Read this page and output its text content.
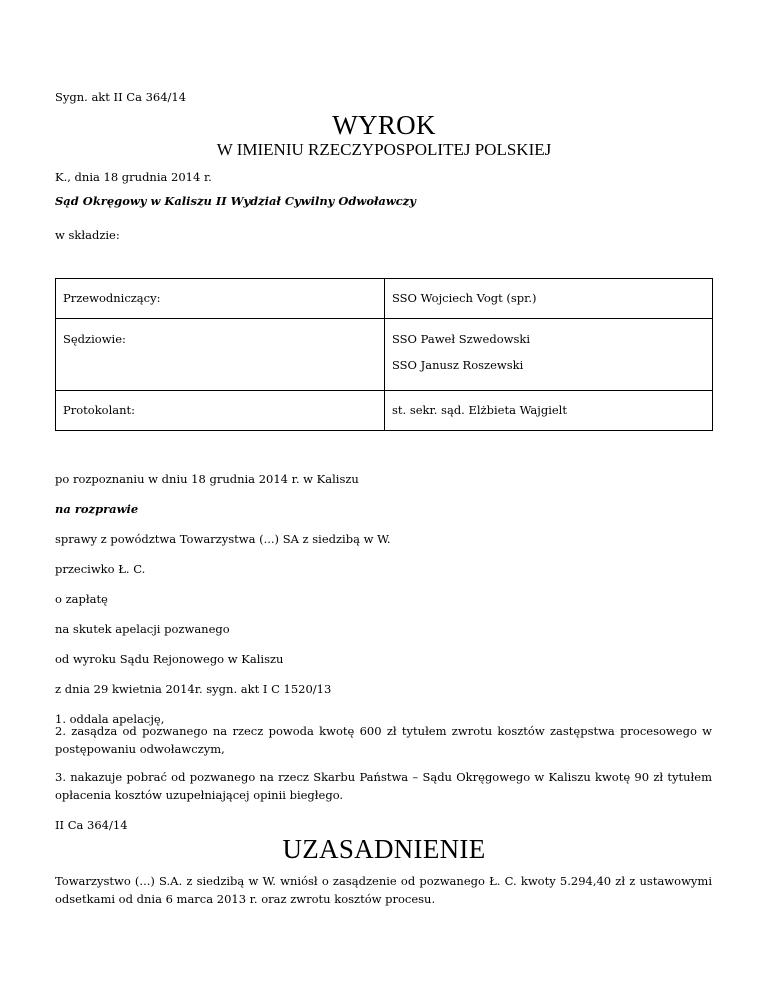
Sygn. akt II Ca 364/14
WYROK
W IMIENIU RZECZYPOSPOLITEJ POLSKIEJ
K., dnia 18 grudnia 2014 r.
Sąd Okręgowy w Kaliszu II Wydział Cywilny Odwoławczy
w składzie:
Przewodniczący:	SSO Wojciech Vogt (spr.)

Sędziowie:	SSO Paweł Szwedowski
SSO Janusz Roszewski

Protokolant:	st. sekr. sąd. Elżbieta Wajgielt
po rozpoznaniu w dniu 18 grudnia 2014 r. w Kaliszu
na rozprawie
sprawy z powództwa Towarzystwa (...) SA z siedzibą w W.
przeciwko Ł. C.
o zapłatę
na skutek apelacji pozwanego
od wyroku Sądu Rejonowego w Kaliszu
z dnia 29 kwietnia 2014r. sygn. akt I C 1520/13
1. oddala apelację,
2. zasądza od pozwanego na rzecz powoda kwotę 600 zł tytułem zwrotu kosztów zastępstwa procesowego w postępowaniu odwoławczym,
3. nakazuje pobrać od pozwanego na rzecz Skarbu Państwa – Sądu Okręgowego w Kaliszu kwotę 90 zł tytułem opłacenia kosztów uzupełniającej opinii biegłego.
II Ca 364/14
UZASADNIENIE
Towarzystwo (...) S.A. z siedzibą w W. wniósł o zasądzenie od pozwanego Ł. C. kwoty 5.294,40 zł z ustawowymi odsetkami od dnia 6 marca 2013 r. oraz zwrotu kosztów procesu.
